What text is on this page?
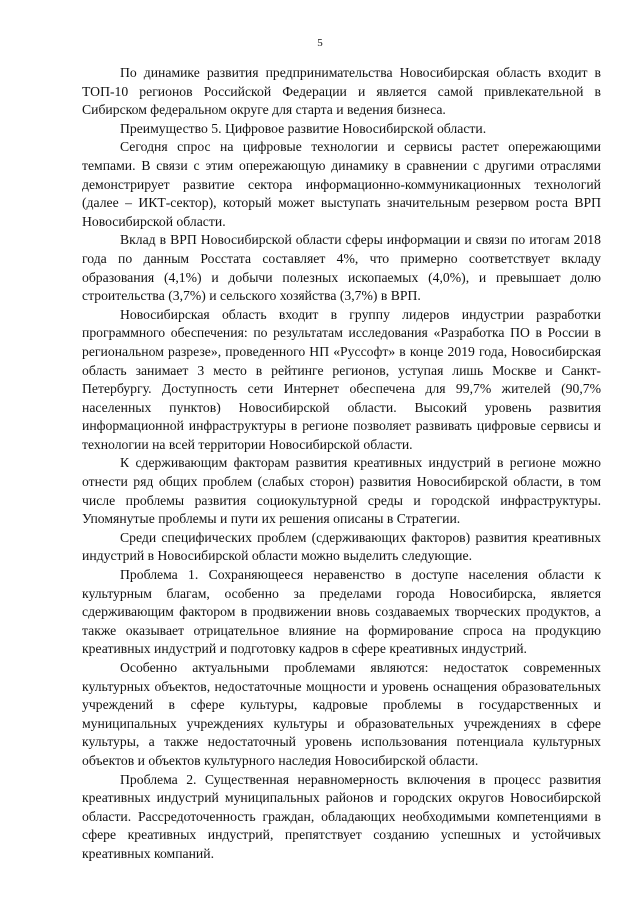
5

По динамике развития предпринимательства Новосибирская область входит в ТОП-10 регионов Российской Федерации и является самой привлекательной в Сибирском федеральном округе для старта и ведения бизнеса.

Преимущество 5. Цифровое развитие Новосибирской области.

Сегодня спрос на цифровые технологии и сервисы растет опережающими темпами. В связи с этим опережающую динамику в сравнении с другими отраслями демонстрирует развитие сектора информационно-коммуникационных технологий (далее – ИКТ-сектор), который может выступать значительным резервом роста ВРП Новосибирской области.

Вклад в ВРП Новосибирской области сферы информации и связи по итогам 2018 года по данным Росстата составляет 4%, что примерно соответствует вкладу образования (4,1%) и добычи полезных ископаемых (4,0%), и превышает долю строительства (3,7%) и сельского хозяйства (3,7%) в ВРП.

Новосибирская область входит в группу лидеров индустрии разработки программного обеспечения: по результатам исследования «Разработка ПО в России в региональном разрезе», проведенного НП «Руссофт» в конце 2019 года, Новосибирская область занимает 3 место в рейтинге регионов, уступая лишь Москве и Санкт-Петербургу. Доступность сети Интернет обеспечена для 99,7% жителей (90,7% населенных пунктов) Новосибирской области. Высокий уровень развития информационной инфраструктуры в регионе позволяет развивать цифровые сервисы и технологии на всей территории Новосибирской области.

К сдерживающим факторам развития креативных индустрий в регионе можно отнести ряд общих проблем (слабых сторон) развития Новосибирской области, в том числе проблемы развития социокультурной среды и городской инфраструктуры. Упомянутые проблемы и пути их решения описаны в Стратегии.

Среди специфических проблем (сдерживающих факторов) развития креативных индустрий в Новосибирской области можно выделить следующие.

Проблема 1. Сохраняющееся неравенство в доступе населения области к культурным благам, особенно за пределами города Новосибирска, является сдерживающим фактором в продвижении вновь создаваемых творческих продуктов, а также оказывает отрицательное влияние на формирование спроса на продукцию креативных индустрий и подготовку кадров в сфере креативных индустрий.

Особенно актуальными проблемами являются: недостаток современных культурных объектов, недостаточные мощности и уровень оснащения образовательных учреждений в сфере культуры, кадровые проблемы в государственных и муниципальных учреждениях культуры и образовательных учреждениях в сфере культуры, а также недостаточный уровень использования потенциала культурных объектов и объектов культурного наследия Новосибирской области.

Проблема 2. Существенная неравномерность включения в процесс развития креативных индустрий муниципальных районов и городских округов Новосибирской области. Рассредоточенность граждан, обладающих необходимыми компетенциями в сфере креативных индустрий, препятствует созданию успешных и устойчивых креативных компаний.
